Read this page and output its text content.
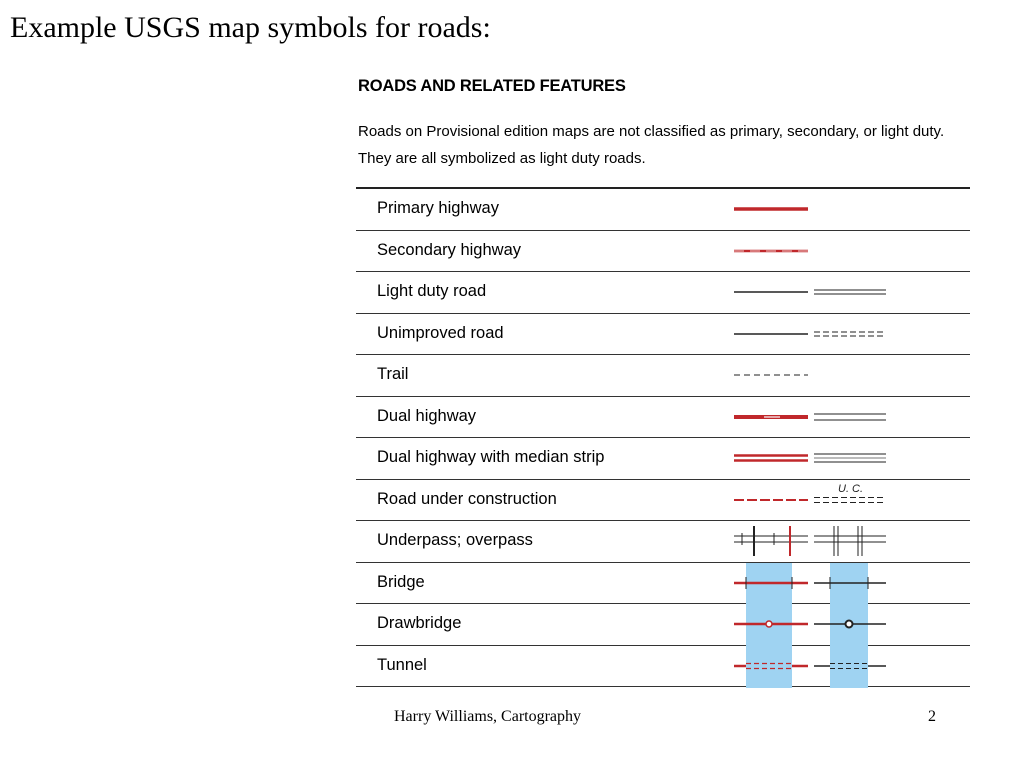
Example USGS map symbols for roads:
ROADS AND RELATED FEATURES
Roads on Provisional edition maps are not classified as primary, secondary, or light duty. They are all symbolized as light duty roads.
Primary highway
Secondary highway
Light duty road
Unimproved road
Trail
Dual highway
Dual highway with median strip
Road under construction
U. C.
Underpass; overpass
Bridge
Drawbridge
Tunnel
Harry Williams, Cartography	2
